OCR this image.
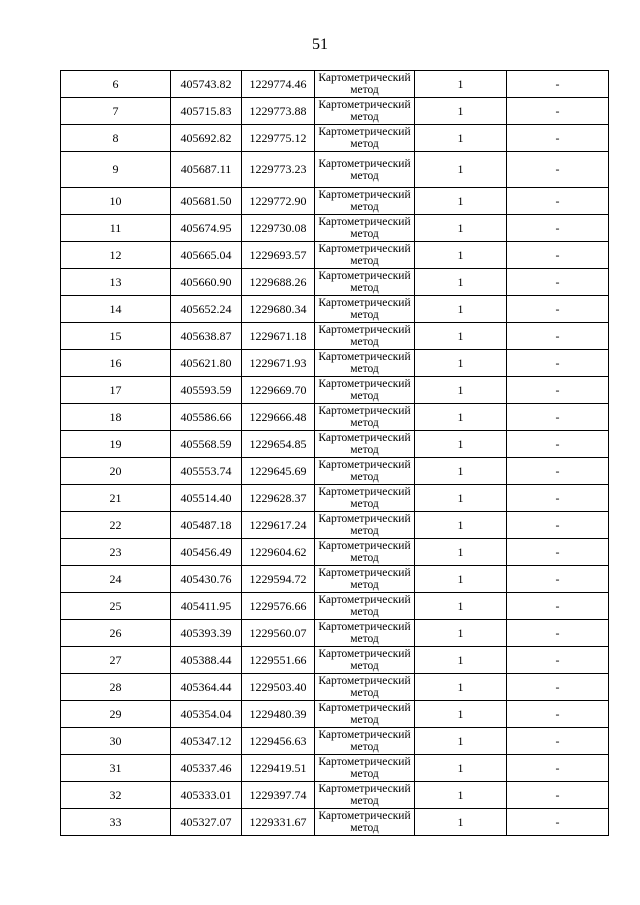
51
6	405743.82	1229774.46	Картометрический метод	1	-
7	405715.83	1229773.88	Картометрический метод	1	-
8	405692.82	1229775.12	Картометрический метод	1	-
9	405687.11	1229773.23	Картометрический метод	1	-
10	405681.50	1229772.90	Картометрический метод	1	-
11	405674.95	1229730.08	Картометрический метод	1	-
12	405665.04	1229693.57	Картометрический метод	1	-
13	405660.90	1229688.26	Картометрический метод	1	-
14	405652.24	1229680.34	Картометрический метод	1	-
15	405638.87	1229671.18	Картометрический метод	1	-
16	405621.80	1229671.93	Картометрический метод	1	-
17	405593.59	1229669.70	Картометрический метод	1	-
18	405586.66	1229666.48	Картометрический метод	1	-
19	405568.59	1229654.85	Картометрический метод	1	-
20	405553.74	1229645.69	Картометрический метод	1	-
21	405514.40	1229628.37	Картометрический метод	1	-
22	405487.18	1229617.24	Картометрический метод	1	-
23	405456.49	1229604.62	Картометрический метод	1	-
24	405430.76	1229594.72	Картометрический метод	1	-
25	405411.95	1229576.66	Картометрический метод	1	-
26	405393.39	1229560.07	Картометрический метод	1	-
27	405388.44	1229551.66	Картометрический метод	1	-
28	405364.44	1229503.40	Картометрический метод	1	-
29	405354.04	1229480.39	Картометрический метод	1	-
30	405347.12	1229456.63	Картометрический метод	1	-
31	405337.46	1229419.51	Картометрический метод	1	-
32	405333.01	1229397.74	Картометрический метод	1	-
33	405327.07	1229331.67	Картометрический метод	1	-
